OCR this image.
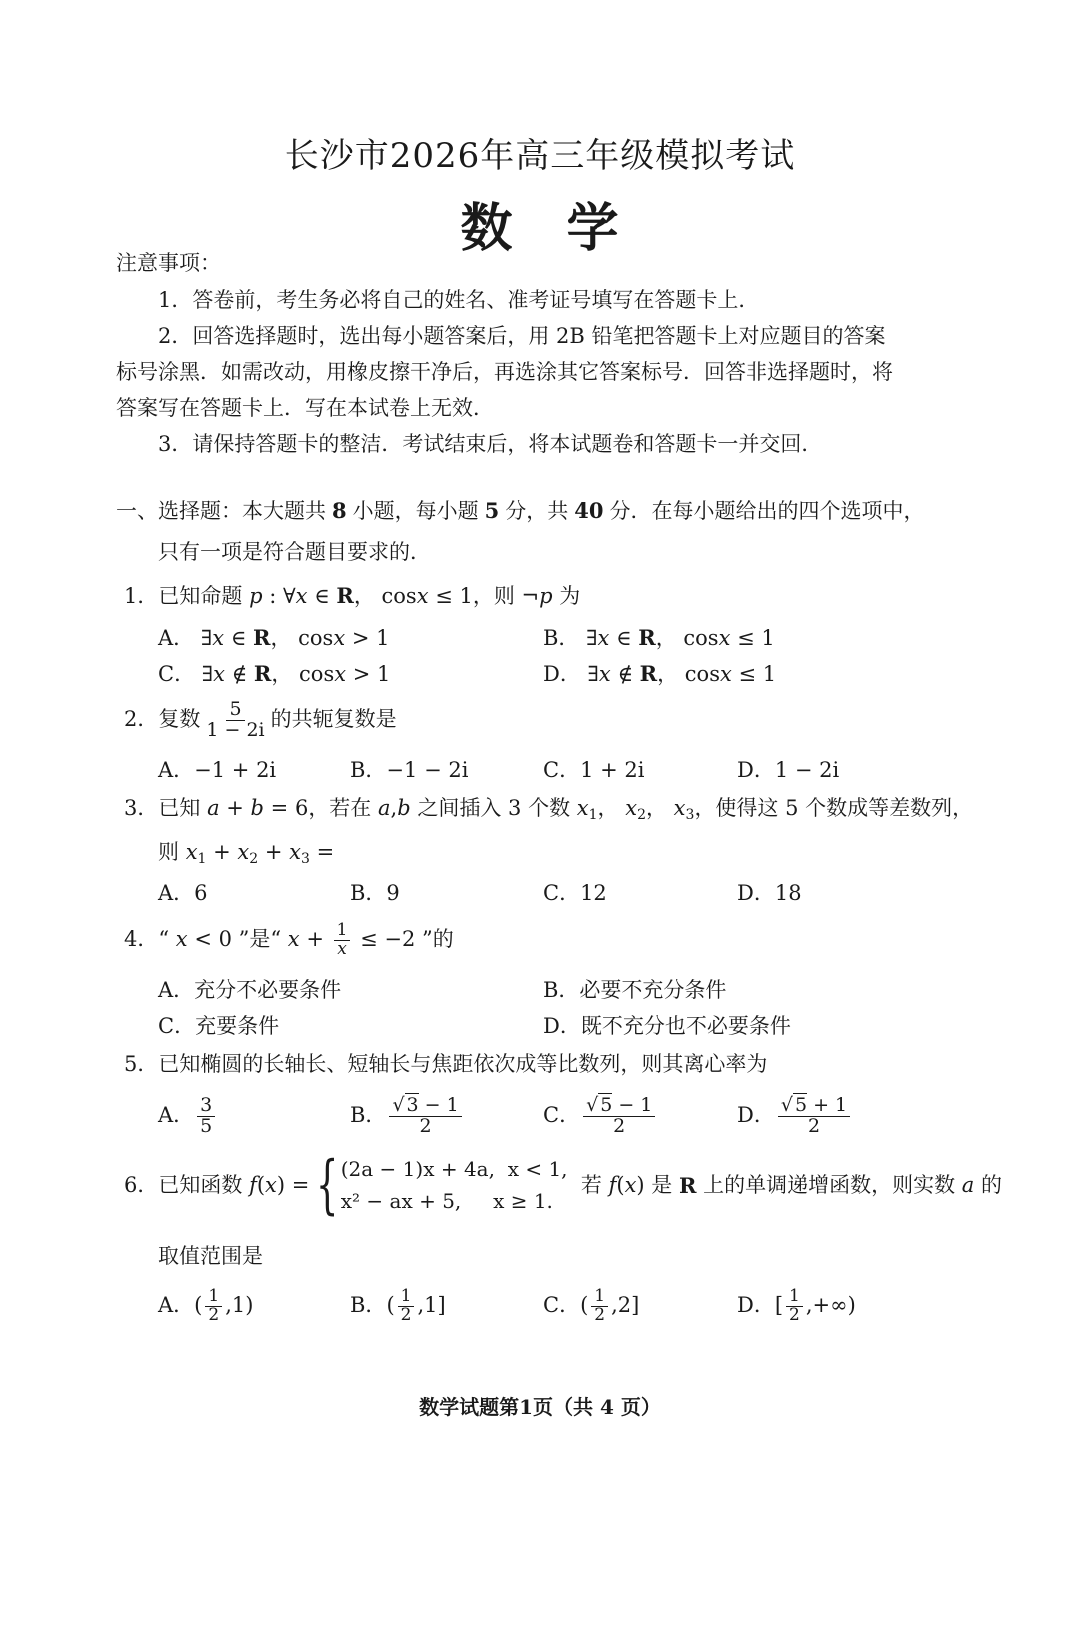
长沙市2026年高三年级模拟考试
数　学
注意事项：
1．答卷前，考生务必将自己的姓名、准考证号填写在答题卡上．
2．回答选择题时，选出每小题答案后，用 2B 铅笔把答题卡上对应题目的答案
标号涂黑．如需改动，用橡皮擦干净后，再选涂其它答案标号．回答非选择题时，将
答案写在答题卡上．写在本试卷上无效．
3．请保持答题卡的整洁．考试结束后，将本试题卷和答题卡一并交回．
一、选择题：本大题共 8 小题，每小题 5 分，共 40 分．在每小题给出的四个选项中，
只有一项是符合题目要求的．
1．已知命题 p : ∀x ∈ R， cosx ≤ 1，则 ¬p 为
A． ∃x ∈ R， cosx > 1	B． ∃x ∈ R， cosx ≤ 1
C． ∃x ∉ R， cosx > 1	D． ∃x ∉ R， cosx ≤ 1
2．复数 $\frac{5}{1 - 2i}$ 的共轭复数是
A．−1 + 2i	B．−1 − 2i	C．1 + 2i	D．1 − 2i
3．已知 a + b = 6，若在 a,b 之间插入 3 个数 $x_1$， $x_2$， $x_3$，使得这 5 个数成等差数列，
则 $x_1 + x_2 + x_3$ =
A．6	B．9	C．12	D．18
4．“ x < 0 ”是“ $x + \frac{1}{x} \le -2$ ”的
A．充分不必要条件	B．必要不充分条件
C．充要条件	D．既不充分也不必要条件
5．已知椭圆的长轴长、短轴长与焦距依次成等比数列，则其离心率为
A． $\frac{3}{5}$	B． $\frac{√ 3 - 1}{2}$	C． $\frac{√ 5 - 1}{2}$	D． $\frac{√ 5 + 1}{2}$
6．已知函数
f ( x ) = { (2a − 1)x + 4a, x < 1,
x² − ax + 5, x ≥ 1.

若
f ( x ) 是
R
上的单调递增函数，则实数
a
的
取值范围是
A．( $\frac{1}{2} ,1$)	B．( $\frac{1}{2} ,1$]	C．( $\frac{1}{2} ,2$]	D．[ $\frac{1}{2}$ ,+∞)
数学试题第1页（共 4 页）
